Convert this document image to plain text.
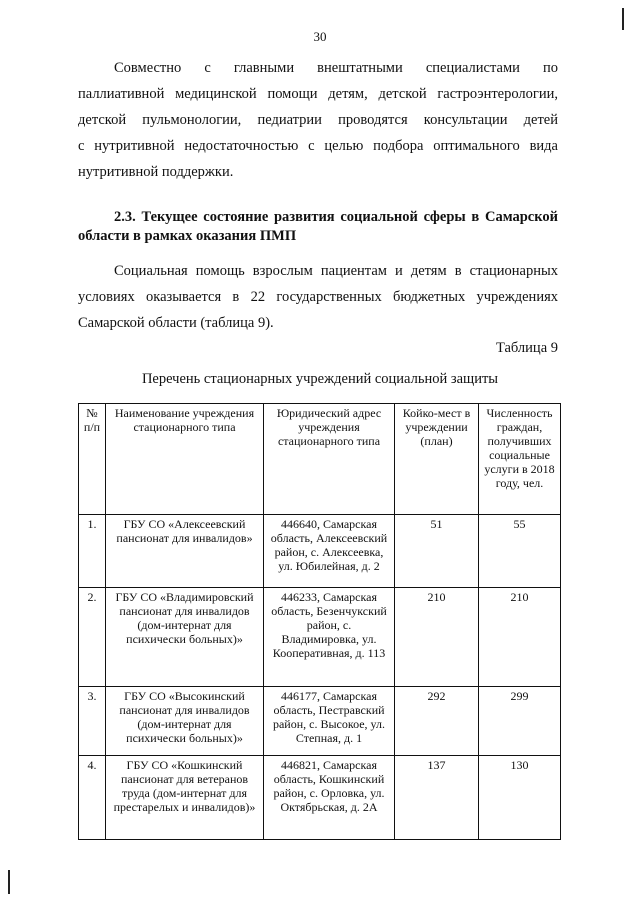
30
Совместно с главными внештатными специалистами по
паллиативной медицинской помощи детям, детской гастроэнтерологии,
детской пульмонологии, педиатрии проводятся консультации детей
с нутритивной недостаточностью с целью подбора оптимального вида
нутритивной поддержки.
2.3. Текущее состояние развития социальной сферы в Самарской
области в рамках оказания ПМП
Социальная помощь взрослым пациентам и детям в стационарных
условиях оказывается в 22 государственных бюджетных учреждениях
Самарской области (таблица 9).
Таблица 9
Перечень стационарных учреждений социальной защиты
№ п/п	Наименование учреждения стационарного типа	Юридический адрес учреждения стационарного типа	Койко-мест в учреждении (план)	Численность граждан, получивших социальные услуги в 2018 году, чел.
1.	ГБУ СО «Алексеевский пансионат для инвалидов»	446640, Самарская область, Алексеевский район, с. Алексеевка, ул. Юбилейная, д. 2	51	55
2.	ГБУ СО «Владимировский пансионат для инвалидов (дом-интернат для психически больных)»	446233, Самарская область, Безенчукский район, с. Владимировка, ул. Кооперативная, д. 113	210	210
3.	ГБУ СО «Высокинский пансионат для инвалидов (дом-интернат для психически больных)»	446177, Самарская область, Пестравский район, с. Высокое, ул. Степная, д. 1	292	299
4.	ГБУ СО «Кошкинский пансионат для ветеранов труда (дом-интернат для престарелых и инвалидов)»	446821, Самарская область, Кошкинский район, с. Орловка, ул. Октябрьская, д. 2А	137	130
